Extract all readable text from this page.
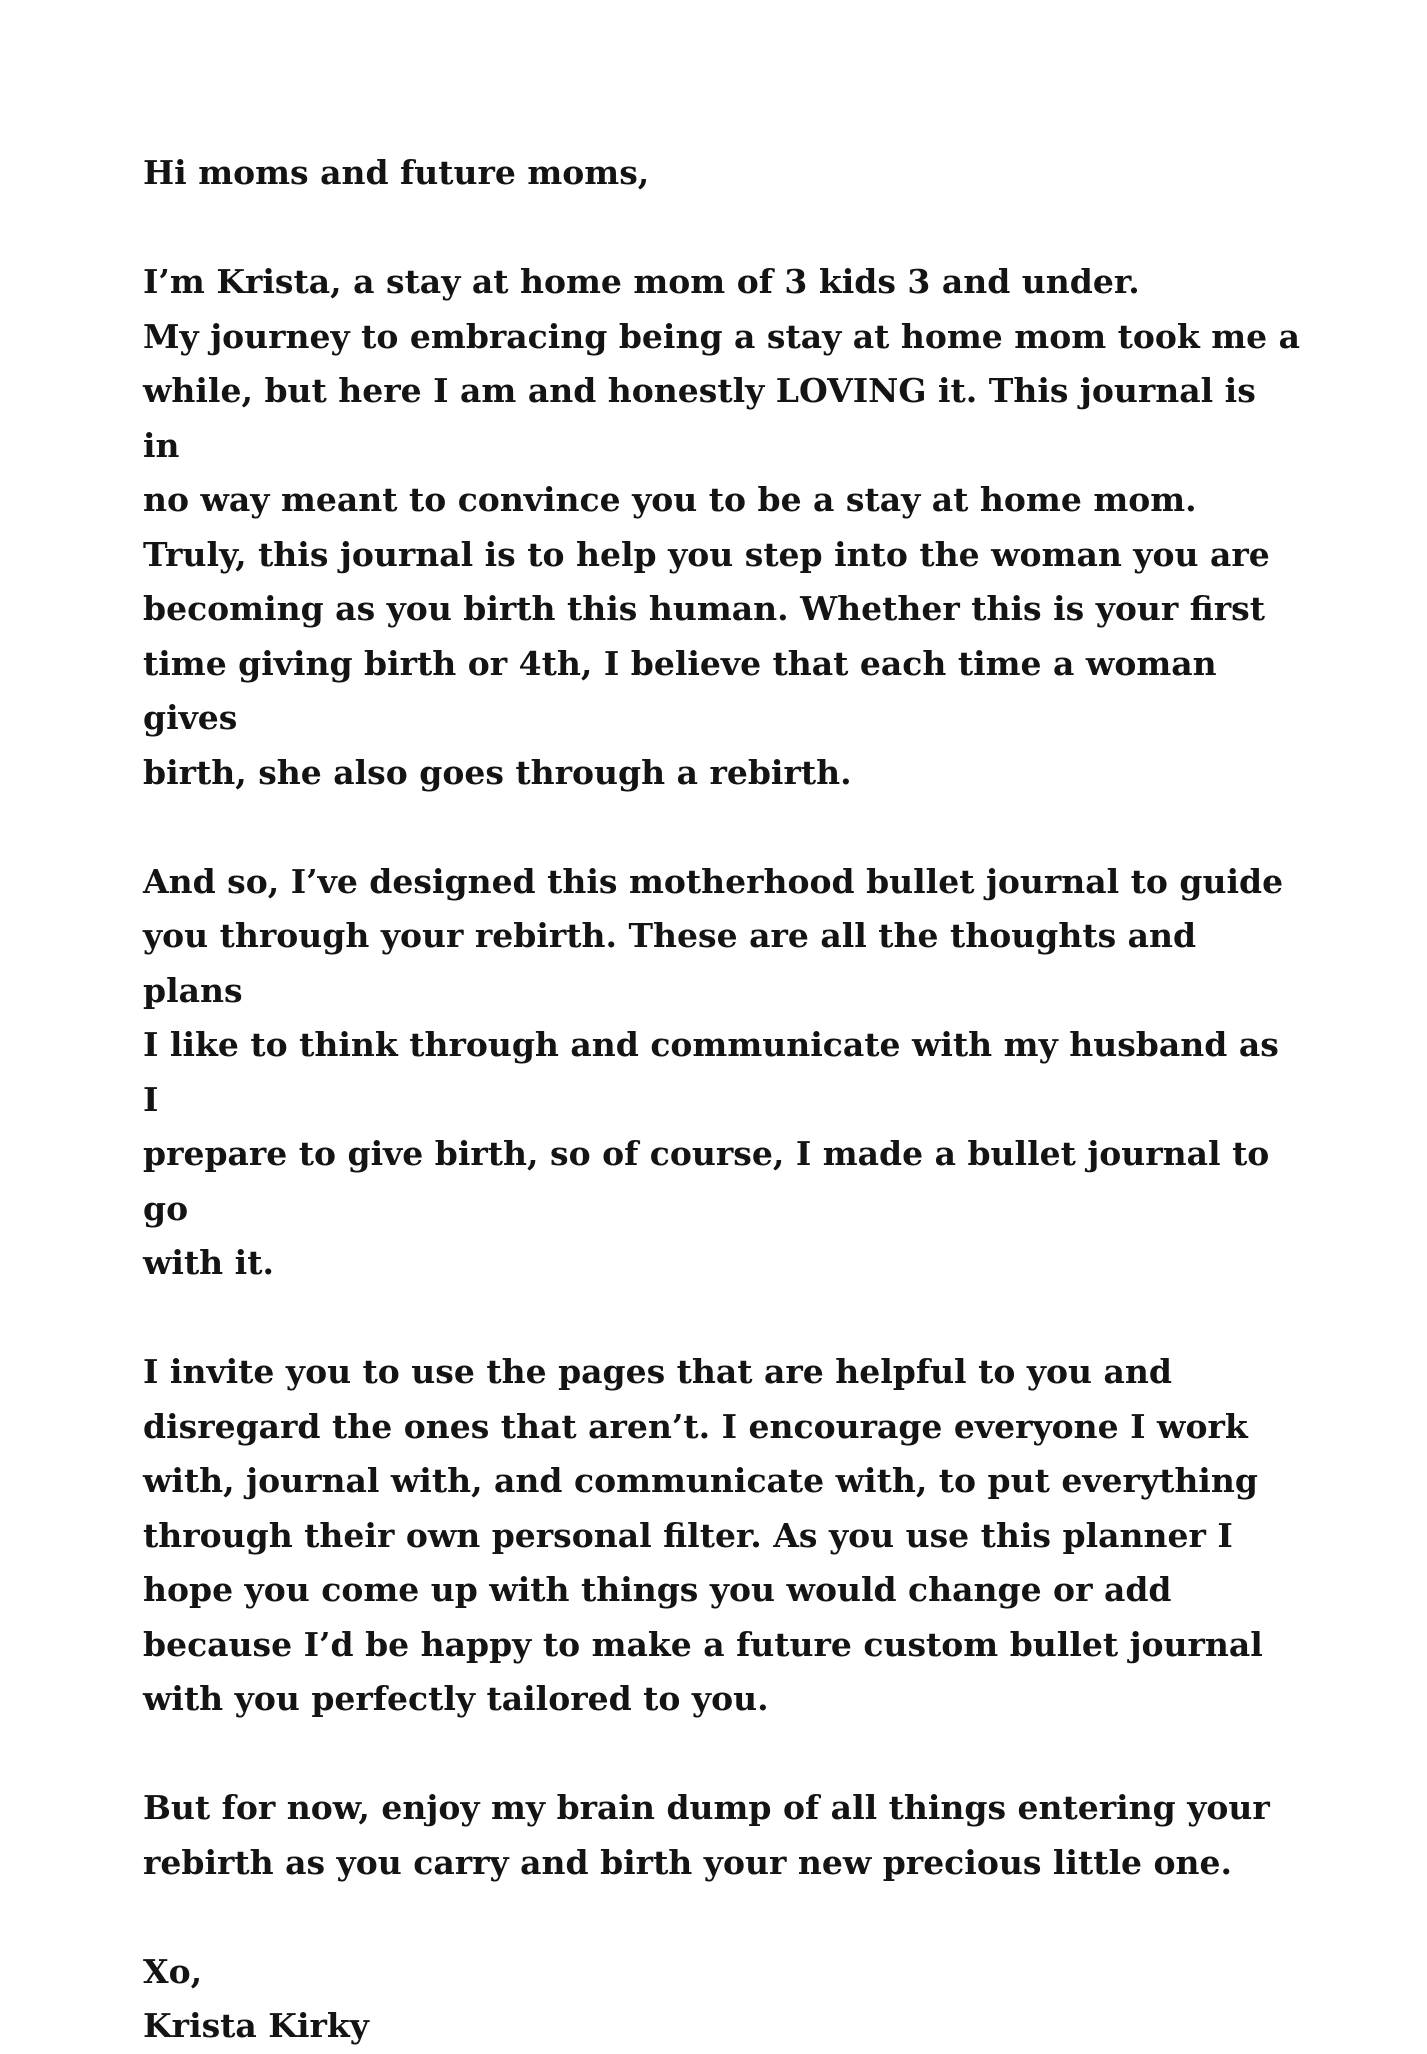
Hi moms and future moms,

I’m Krista, a stay at home mom of 3 kids 3 and under.

My journey to embracing being a stay at home mom took me a

while, but here I am and honestly LOVING it. This journal is in

no way meant to convince you to be a stay at home mom.

Truly, this journal is to help you step into the woman you are

becoming as you birth this human. Whether this is your first

time giving birth or 4th, I believe that each time a woman gives

birth, she also goes through a rebirth.

And so, I’ve designed this motherhood bullet journal to guide

you through your rebirth. These are all the thoughts and plans

I like to think through and communicate with my husband as I

prepare to give birth, so of course, I made a bullet journal to go

with it.

I invite you to use the pages that are helpful to you and

disregard the ones that aren’t. I encourage everyone I work

with, journal with, and communicate with, to put everything

through their own personal filter. As you use this planner I

hope you come up with things you would change or add

because I’d be happy to make a future custom bullet journal

with you perfectly tailored to you.

But for now, enjoy my brain dump of all things entering your

rebirth as you carry and birth your new precious little one.

Xo,

Krista Kirky
